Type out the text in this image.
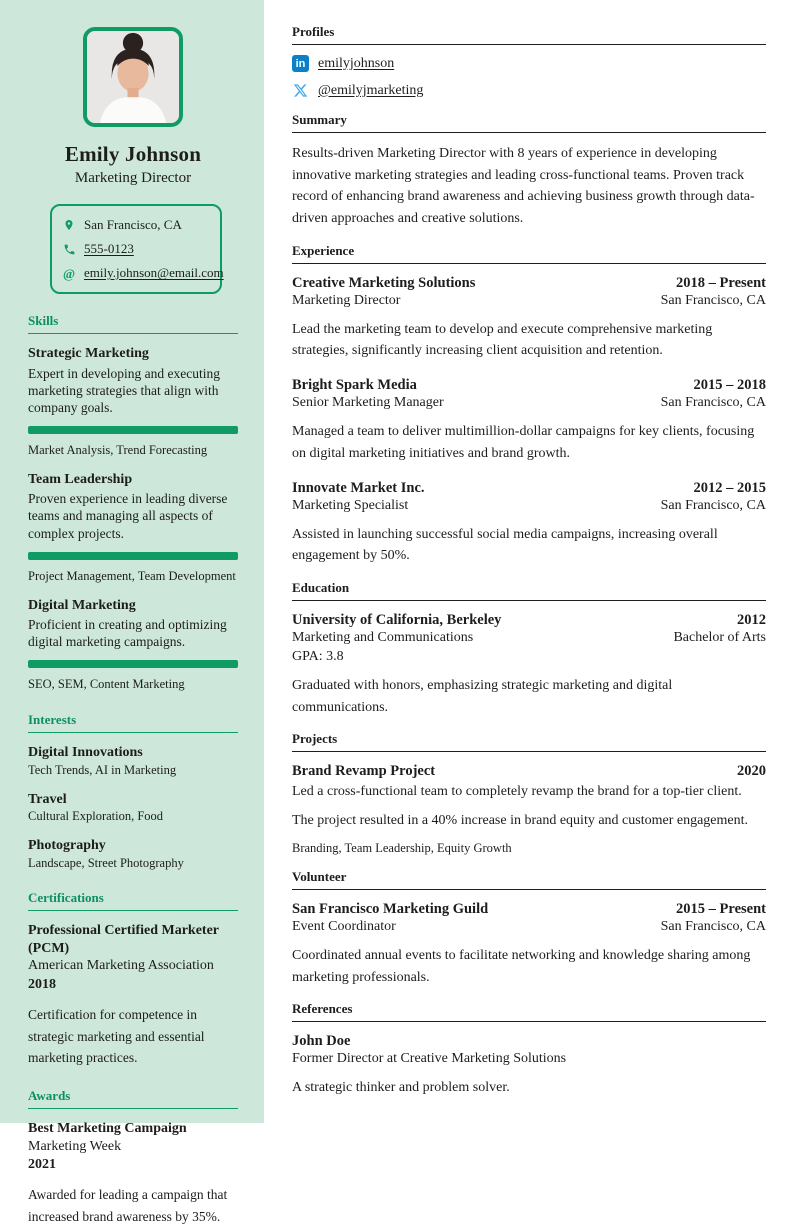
Emily Johnson
Marketing Director
San Francisco, CA
555-0123
@ emily.johnson@email.com
Skills
Strategic Marketing
Expert in developing and executing marketing strategies that align with company goals.
Market Analysis, Trend Forecasting
Team Leadership
Proven experience in leading diverse teams and managing all aspects of complex projects.
Project Management, Team Development
Digital Marketing
Proficient in creating and optimizing digital marketing campaigns.
SEO, SEM, Content Marketing
Interests
Digital Innovations
Tech Trends, AI in Marketing
Travel
Cultural Exploration, Food
Photography
Landscape, Street Photography
Certifications
Professional Certified Marketer (PCM)
American Marketing Association
2018
Certification for competence in strategic marketing and essential marketing practices.
Awards
Best Marketing Campaign
Marketing Week
2021
Awarded for leading a campaign that increased brand awareness by 35%.
Profiles
in emilyjohnson
@emilyjmarketing
Summary

Results-driven Marketing Director with 8 years of experience in developing innovative marketing strategies and leading cross-functional teams. Proven track record of enhancing brand awareness and achieving business growth through data-driven approaches and creative solutions.

Experience
Creative Marketing Solutions
Marketing Director
2018 – Present
San Francisco, CA

Lead the marketing team to develop and execute comprehensive marketing strategies, significantly increasing client acquisition and retention.

Bright Spark Media
Senior Marketing Manager
2015 – 2018
San Francisco, CA

Managed a team to deliver multimillion-dollar campaigns for key clients, focusing on digital marketing initiatives and brand growth.

Innovate Market Inc.
Marketing Specialist
2012 – 2015
San Francisco, CA

Assisted in launching successful social media campaigns, increasing overall engagement by 50%.

Education
University of California, Berkeley
Marketing and Communications
GPA: 3.8
2012
Bachelor of Arts

Graduated with honors, emphasizing strategic marketing and digital communications.

Projects
Brand Revamp Project	2020

Led a cross-functional team to completely revamp the brand for a top-tier client.

The project resulted in a 40% increase in brand equity and customer engagement.

Branding, Team Leadership, Equity Growth
Volunteer
San Francisco Marketing Guild
Event Coordinator
2015 – Present
San Francisco, CA

Coordinated annual events to facilitate networking and knowledge sharing among marketing professionals.

References
John Doe
Former Director at Creative Marketing Solutions

A strategic thinker and problem solver.
